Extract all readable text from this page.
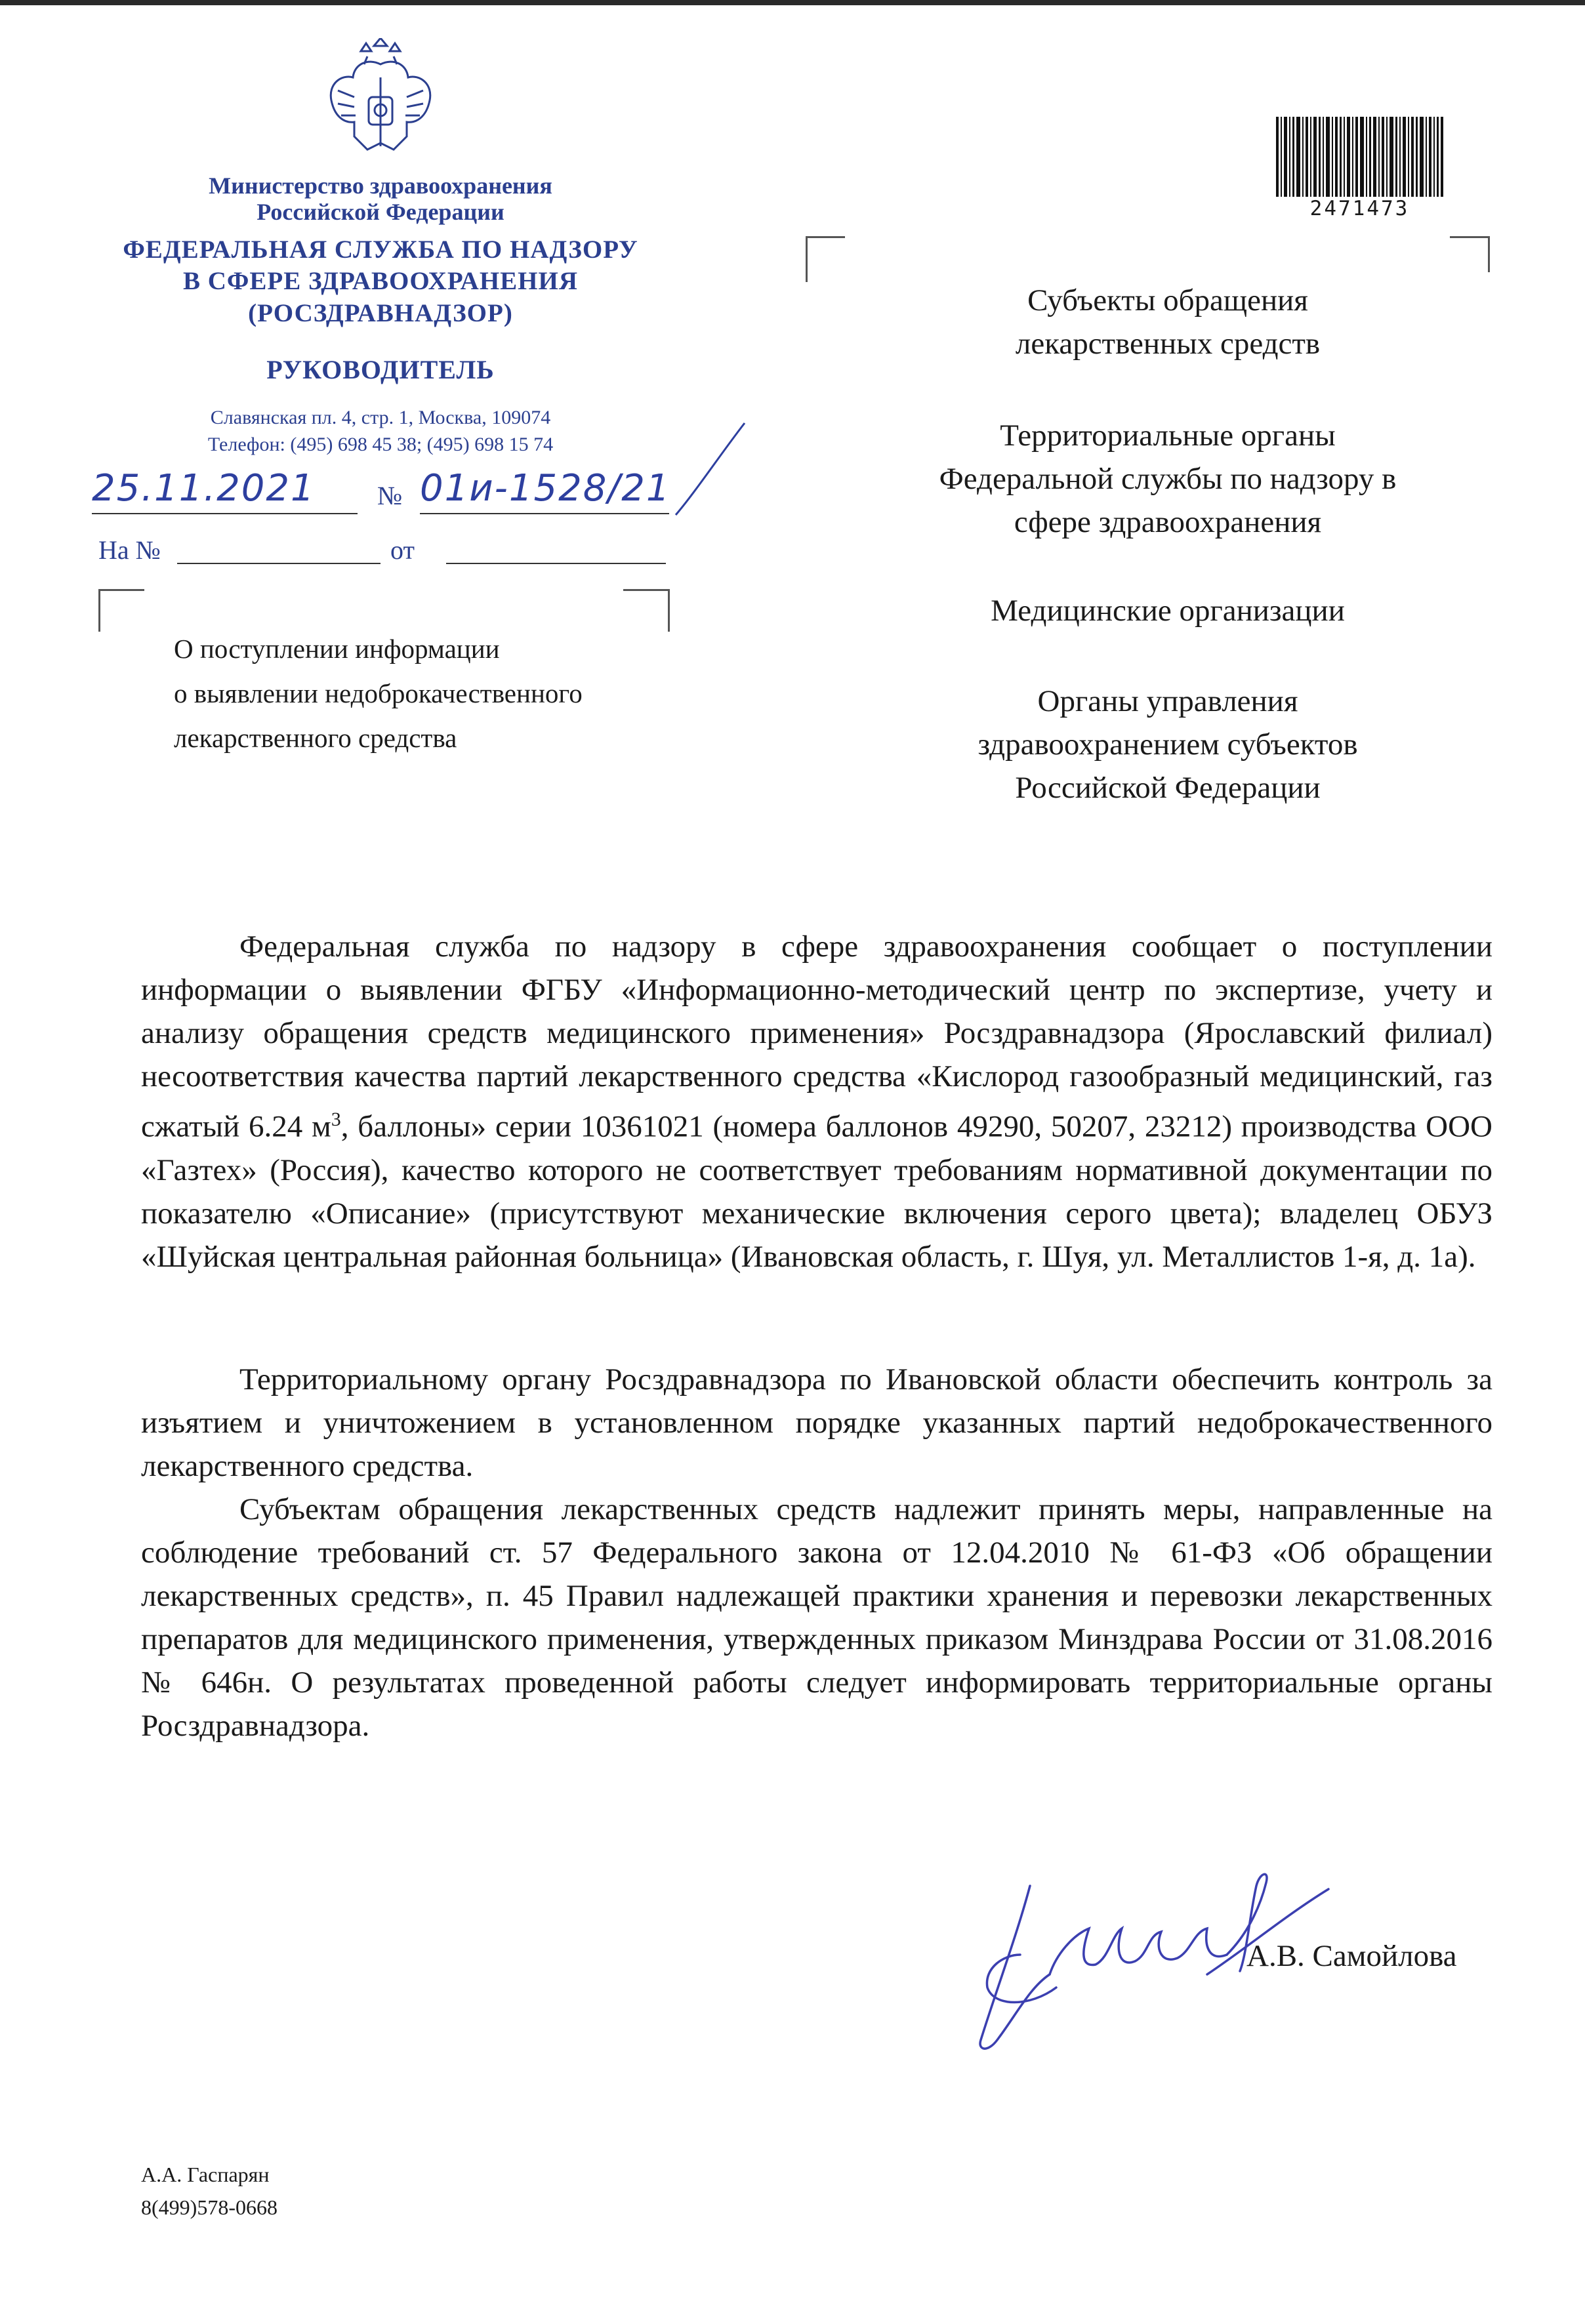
Министерство здравоохранения
Российской Федерации
ФЕДЕРАЛЬНАЯ СЛУЖБА ПО НАДЗОРУ
В СФЕРЕ ЗДРАВООХРАНЕНИЯ
(РОСЗДРАВНАДЗОР)
РУКОВОДИТЕЛЬ
Славянская пл. 4, стр. 1, Москва, 109074
Телефон: (495) 698 45 38; (495) 698 15 74
25.11.2021 № 01и-1528/21
На №	от
О поступлении информации
о выявлении недоброкачественного
лекарственного средства
2471473
Субъекты обращения
лекарственных средств
Территориальные органы
Федеральной службы по надзору в
сфере здравоохранения
Медицинские организации
Органы управления
здравоохранением субъектов
Российской Федерации
Федеральная служба по надзору в сфере здравоохранения сообщает о поступлении информации о выявлении ФГБУ «Информационно-методический центр по экспертизе, учету и анализу обращения средств медицинского применения» Росздравнадзора (Ярославский филиал) несоответствия качества партий лекарственного средства «Кислород газообразный медицинский, газ сжатый 6.24 $м^3$, баллоны» серии 10361021 (номера баллонов 49290, 50207, 23212) производства ООО «Газтех» (Россия), качество которого не соответствует требованиям нормативной документации по показателю «Описание» (присутствуют механические включения серого цвета); владелец ОБУЗ «Шуйская центральная районная больница» (Ивановская область, г. Шуя, ул. Металлистов 1-я, д. 1а).
Территориальному органу Росздравнадзора по Ивановской области обеспечить контроль за изъятием и уничтожением в установленном порядке указанных партий недоброкачественного лекарственного средства.
Субъектам обращения лекарственных средств надлежит принять меры, направленные на соблюдение требований ст. 57 Федерального закона от 12.04.2010 № 61-ФЗ «Об обращении лекарственных средств», п. 45 Правил надлежащей практики хранения и перевозки лекарственных препаратов для медицинского применения, утвержденных приказом Минздрава России от 31.08.2016 № 646н. О результатах проведенной работы следует информировать территориальные органы Росздравнадзора.
А.В. Самойлова
А.А. Гаспарян
8(499)578-0668
